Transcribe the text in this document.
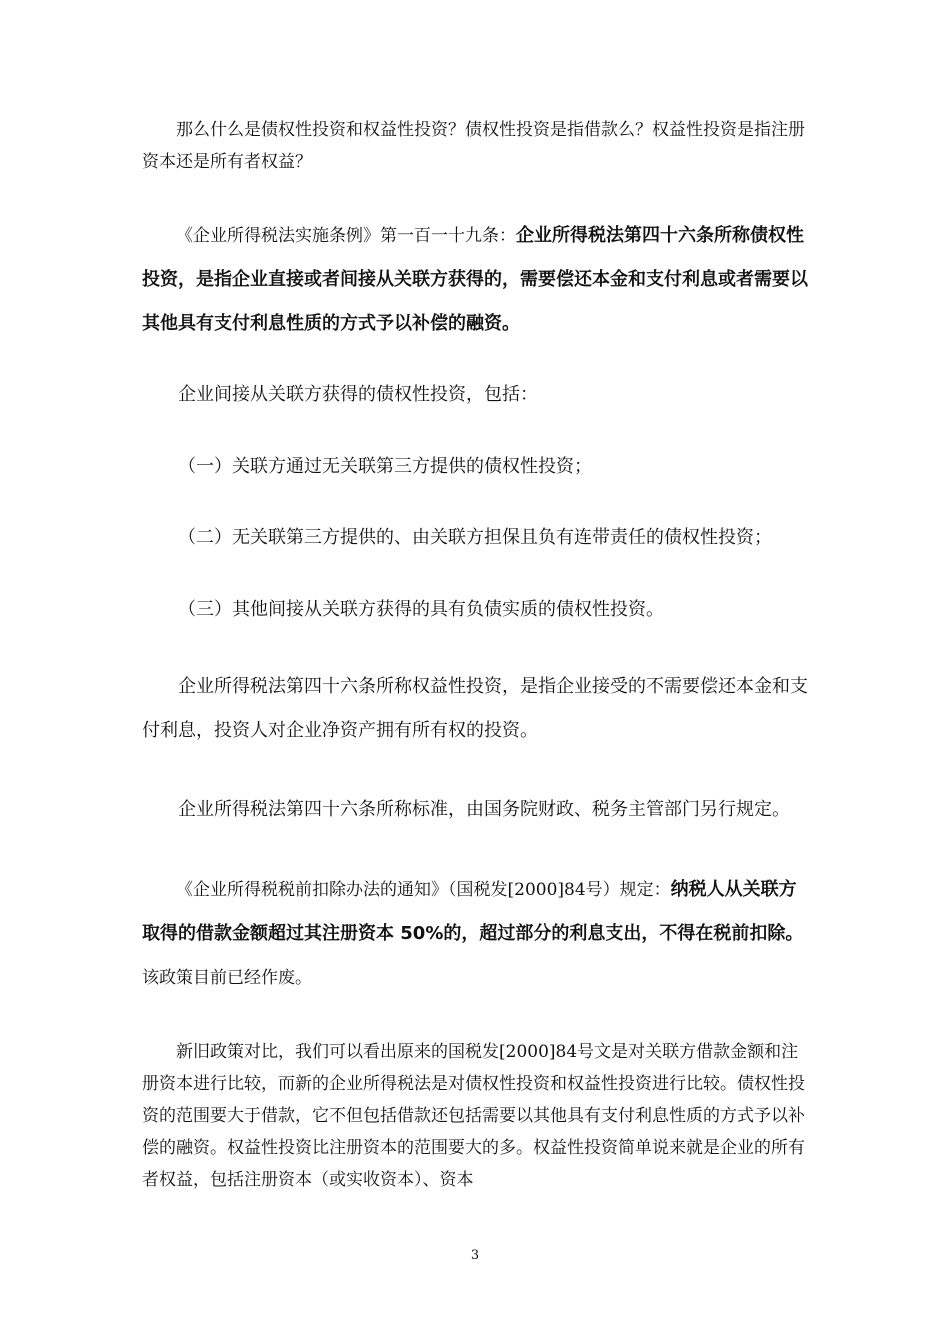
那么什么是债权性投资和权益性投资？债权性投资是指借款么？权益性投资是指注册资本还是所有者权益？

《企业所得税法实施条例》第一百一十九条：企业所得税法第四十六条所称债权性投资，是指企业直接或者间接从关联方获得的，需要偿还本金和支付利息或者需要以其他具有支付利息性质的方式予以补偿的融资。

企业间接从关联方获得的债权性投资，包括：

（一）关联方通过无关联第三方提供的债权性投资；

（二）无关联第三方提供的、由关联方担保且负有连带责任的债权性投资；

（三）其他间接从关联方获得的具有负债实质的债权性投资。

企业所得税法第四十六条所称权益性投资，是指企业接受的不需要偿还本金和支付利息，投资人对企业净资产拥有所有权的投资。

企业所得税法第四十六条所称标准，由国务院财政、税务主管部门另行规定。

《企业所得税税前扣除办法的通知》（国税发[2000]84号）规定：纳税人从关联方取得的借款金额超过其注册资本 50%的，超过部分的利息支出，不得在税前扣除。该政策目前已经作废。

新旧政策对比，我们可以看出原来的国税发[2000]84号文是对关联方借款金额和注册资本进行比较，而新的企业所得税法是对债权性投资和权益性投资进行比较。债权性投资的范围要大于借款，它不但包括借款还包括需要以其他具有支付利息性质的方式予以补偿的融资。权益性投资比注册资本的范围要大的多。权益性投资简单说来就是企业的所有者权益，包括注册资本（或实收资本）、资本

3
